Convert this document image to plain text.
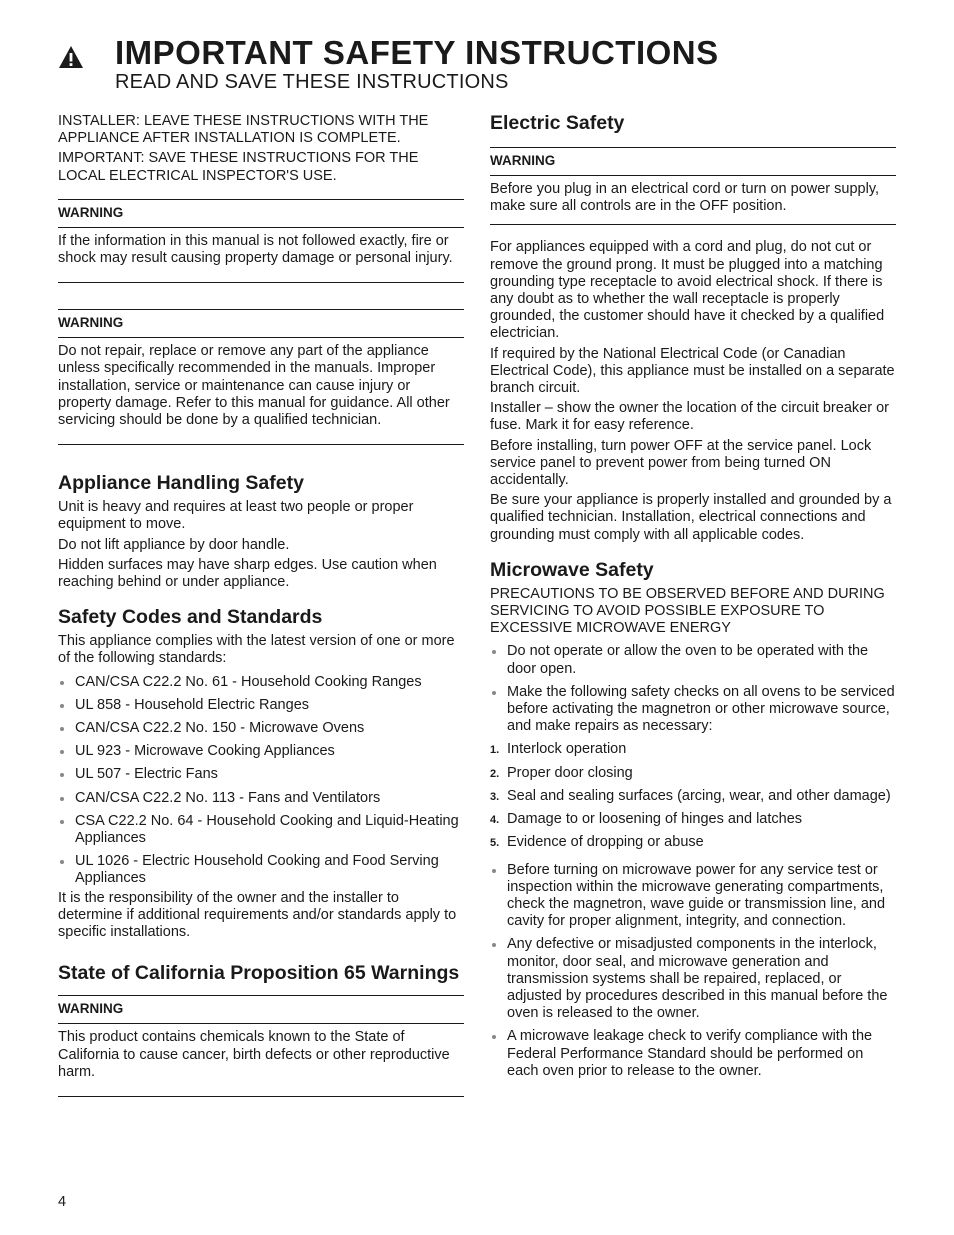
IMPORTANT SAFETY INSTRUCTIONS
READ AND SAVE THESE INSTRUCTIONS

INSTALLER: LEAVE THESE INSTRUCTIONS WITH THE APPLIANCE AFTER INSTALLATION IS COMPLETE.

IMPORTANT: SAVE THESE INSTRUCTIONS FOR THE LOCAL ELECTRICAL INSPECTOR'S USE.

WARNING

If the information in this manual is not followed exactly, fire or shock may result causing property damage or personal injury.

WARNING

Do not repair, replace or remove any part of the appliance unless specifically recommended in the manuals. Improper installation, service or maintenance can cause injury or property damage. Refer to this manual for guidance. All other servicing should be done by a qualified technician.

Appliance Handling Safety

Unit is heavy and requires at least two people or proper equipment to move.

Do not lift appliance by door handle.

Hidden surfaces may have sharp edges. Use caution when reaching behind or under appliance.

Safety Codes and Standards

This appliance complies with the latest version of one or more of the following standards:

CAN/CSA C22.2 No. 61 - Household Cooking Ranges
UL 858 - Household Electric Ranges
CAN/CSA C22.2 No. 150 - Microwave Ovens
UL 923 - Microwave Cooking Appliances
UL 507 - Electric Fans
CAN/CSA C22.2 No. 113 - Fans and Ventilators
CSA C22.2 No. 64 - Household Cooking and Liquid-Heating Appliances
UL 1026 - Electric Household Cooking and Food Serving Appliances

It is the responsibility of the owner and the installer to determine if additional requirements and/or standards apply to specific installations.

State of California Proposition 65 Warnings
WARNING

This product contains chemicals known to the State of California to cause cancer, birth defects or other reproductive harm.

Electric Safety
WARNING

Before you plug in an electrical cord or turn on power supply, make sure all controls are in the OFF position.

For appliances equipped with a cord and plug, do not cut or remove the ground prong. It must be plugged into a matching grounding type receptacle to avoid electrical shock. If there is any doubt as to whether the wall receptacle is properly grounded, the customer should have it checked by a qualified electrician.

If required by the National Electrical Code (or Canadian Electrical Code), this appliance must be installed on a separate branch circuit.

Installer – show the owner the location of the circuit breaker or fuse. Mark it for easy reference.

Before installing, turn power OFF at the service panel. Lock service panel to prevent power from being turned ON accidentally.

Be sure your appliance is properly installed and grounded by a qualified technician. Installation, electrical connections and grounding must comply with all applicable codes.

Microwave Safety

PRECAUTIONS TO BE OBSERVED BEFORE AND DURING SERVICING TO AVOID POSSIBLE EXPOSURE TO EXCESSIVE MICROWAVE ENERGY

Do not operate or allow the oven to be operated with the door open.
Make the following safety checks on all ovens to be serviced before activating the magnetron or other microwave source, and make repairs as necessary:
1. Interlock operation
2. Proper door closing
3. Seal and sealing surfaces (arcing, wear, and other damage)
4. Damage to or loosening of hinges and latches
5. Evidence of dropping or abuse
Before turning on microwave power for any service test or inspection within the microwave generating compartments, check the magnetron, wave guide or transmission line, and cavity for proper alignment, integrity, and connection.
Any defective or misadjusted components in the interlock, monitor, door seal, and microwave generation and transmission systems shall be repaired, replaced, or adjusted by procedures described in this manual before the oven is released to the owner.
A microwave leakage check to verify compliance with the Federal Performance Standard should be performed on each oven prior to release to the owner.
4
